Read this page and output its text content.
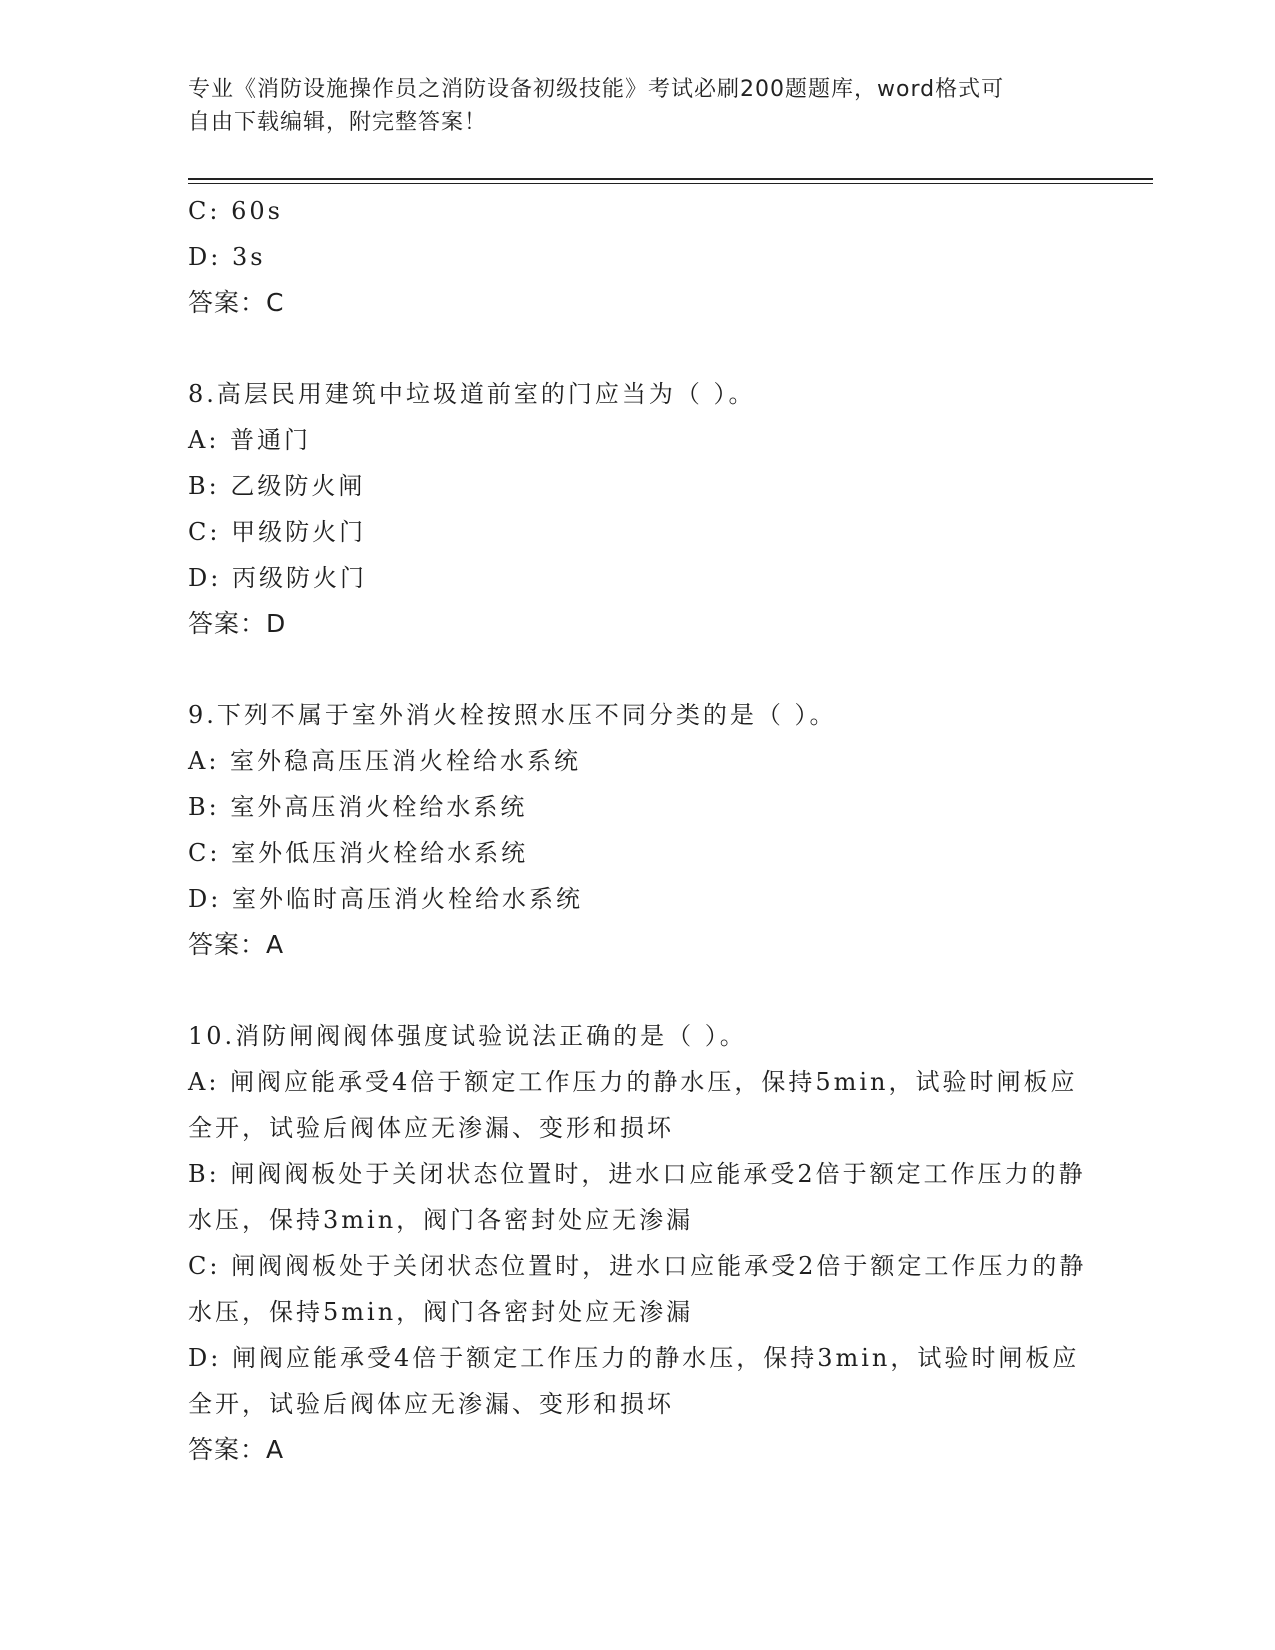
专业《消防设施操作员之消防设备初级技能》考试必刷200题题库，word格式可
自由下载编辑，附完整答案！
C: 60s
D: 3s
答案：C
8.高层民用建筑中垃圾道前室的门应当为（ ）。
A: 普通门
B: 乙级防火闸
C: 甲级防火门
D: 丙级防火门
答案：D
9.下列不属于室外消火栓按照水压不同分类的是（ ）。
A: 室外稳高压压消火栓给水系统
B: 室外高压消火栓给水系统
C: 室外低压消火栓给水系统
D: 室外临时高压消火栓给水系统
答案：A
10.消防闸阀阀体强度试验说法正确的是（ ）。
A: 闸阀应能承受4倍于额定工作压力的静水压，保持5min，试验时闸板应全开，试验后阀体应无渗漏、变形和损坏
B: 闸阀阀板处于关闭状态位置时，进水口应能承受2倍于额定工作压力的静水压，保持3min，阀门各密封处应无渗漏
C: 闸阀阀板处于关闭状态位置时，进水口应能承受2倍于额定工作压力的静水压，保持5min，阀门各密封处应无渗漏
D: 闸阀应能承受4倍于额定工作压力的静水压，保持3min，试验时闸板应全开，试验后阀体应无渗漏、变形和损坏
答案：A
